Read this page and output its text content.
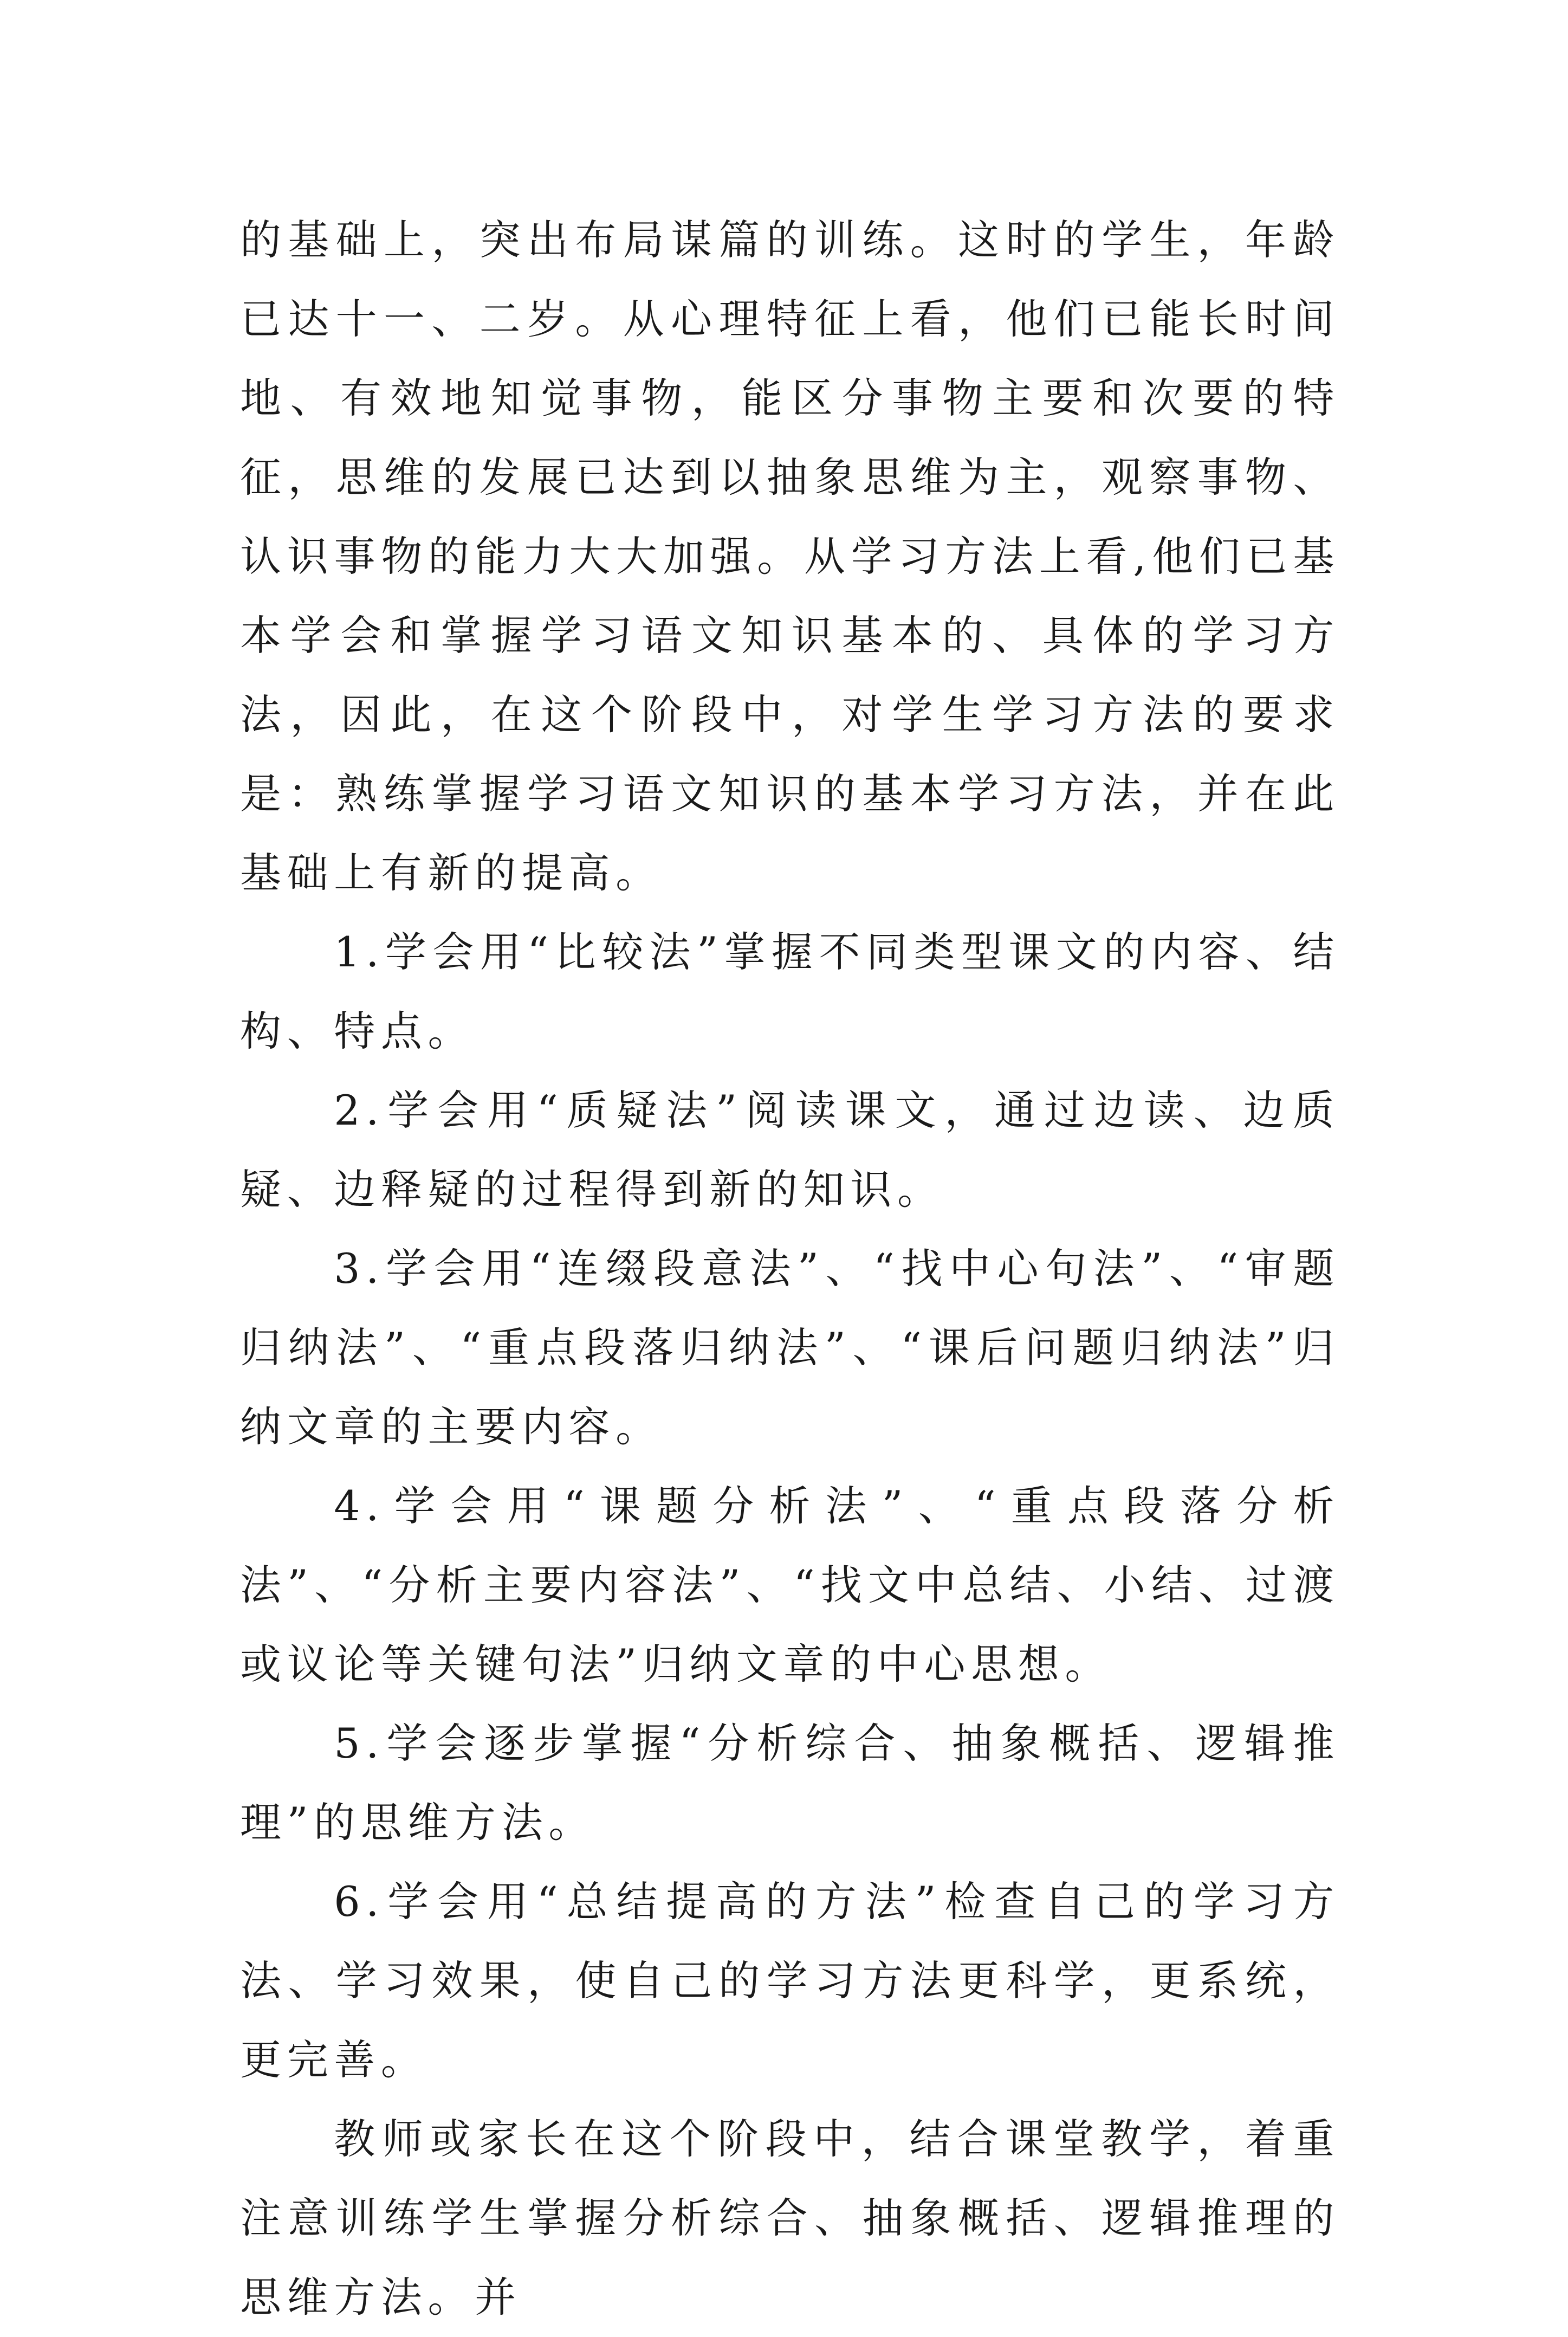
的基础上，突出布局谋篇的训练。这时的学生，年龄已达十一、二岁。从心理特征上看，他们已能长时间地、有效地知觉事物，能区分事物主要和次要的特征，思维的发展已达到以抽象思维为主，观察事物、认识事物的能力大大加强。从学习方法上看,他们已基本学会和掌握学习语文知识基本的、具体的学习方法，因此，在这个阶段中，对学生学习方法的要求是：熟练掌握学习语文知识的基本学习方法，并在此基础上有新的提高。

1.学会用“比较法”掌握不同类型课文的内容、结构、特点。

2.学会用“质疑法”阅读课文，通过边读、边质疑、边释疑的过程得到新的知识。

3.学会用“连缀段意法”、“找中心句法”、“审题归纳法”、“重点段落归纳法”、“课后问题归纳法”归纳文章的主要内容。

4.学会用“课题分析法”、“重点段落分析法”、“分析主要内容法”、“找文中总结、小结、过渡或议论等关键句法”归纳文章的中心思想。

5.学会逐步掌握“分析综合、抽象概括、逻辑推理”的思维方法。

6.学会用“总结提高的方法”检查自己的学习方法、学习效果，使自己的学习方法更科学，更系统，更完善。

教师或家长在这个阶段中，结合课堂教学，着重注意训练学生掌握分析综合、抽象概括、逻辑推理的思维方法。并
